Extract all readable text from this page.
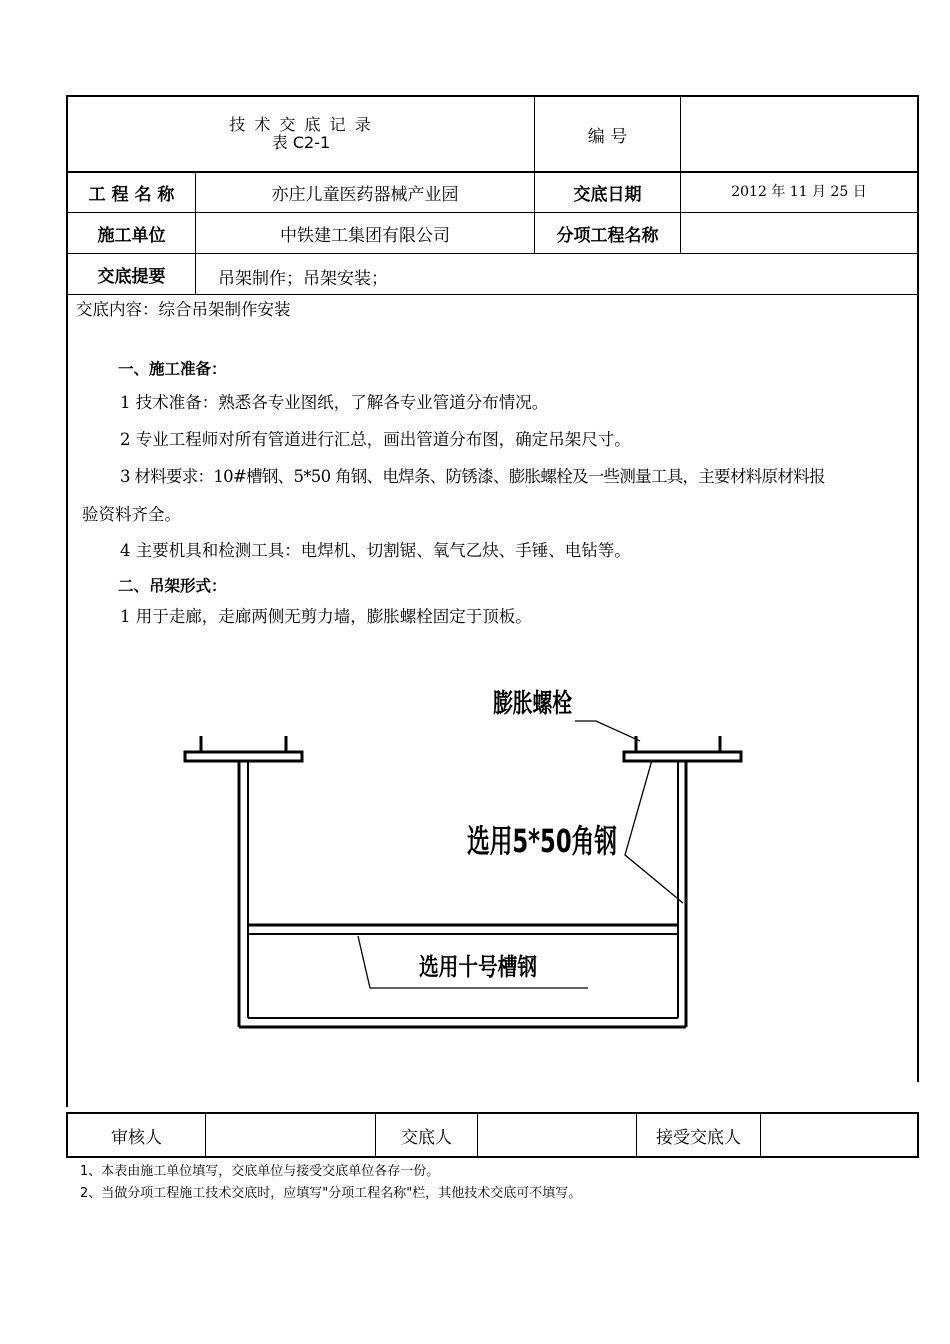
技 术 交 底 记 录
表 C2-1	编 号
工 程 名 称	亦庄儿童医药器械产业园	交底日期	2012 年 11 月 25 日
施工单位	中铁建工集团有限公司	分项工程名称
交底提要	吊架制作；吊架安装；
交底内容：综合吊架制作安装
一、施工准备：
1 技术准备：熟悉各专业图纸，了解各专业管道分布情况。
2 专业工程师对所有管道进行汇总，画出管道分布图，确定吊架尺寸。
3 材料要求：10#槽钢、5*50 角钢、电焊条、防锈漆、膨胀螺栓及一些测量工具，主要材料原材料报
验资料齐全。
4 主要机具和检测工具：电焊机、切割锯、氧气乙炔、手锤、电钻等。
二、吊架形式：
1 用于走廊，走廊两侧无剪力墙，膨胀螺栓固定于顶板。
膨胀螺栓
选用5*50角钢
选用十号槽钢
审核人	交底人	接受交底人
1、本表由施工单位填写，交底单位与接受交底单位各存一份。
2、当做分项工程施工技术交底时，应填写"分项工程名称"栏，其他技术交底可不填写。
